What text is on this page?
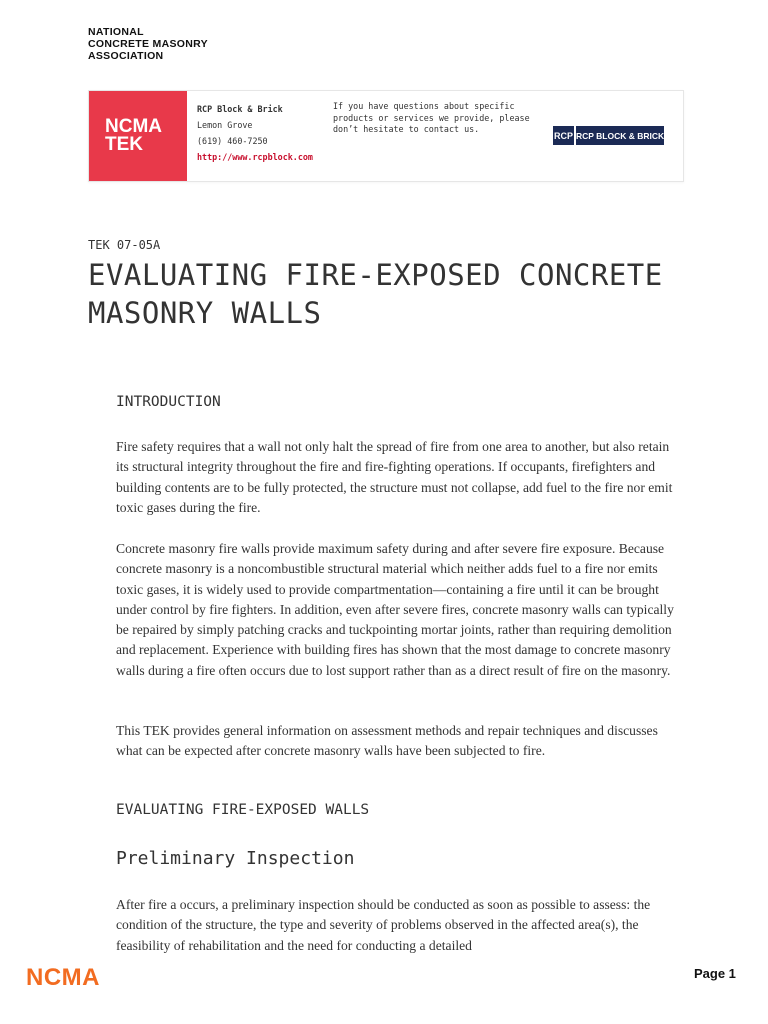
NATIONAL
CONCRETE MASONRY
ASSOCIATION
NCMA
TEK
RCP Block & Brick
Lemon Grove
(619) 460-7250
http://www.rcpblock.com
If you have questions about specific products or services we provide, please don’t hesitate to contact us.
RCP RCP BLOCK & BRICK
TEK 07-05A
EVALUATING FIRE-EXPOSED CONCRETE MASONRY WALLS
INTRODUCTION

Fire safety requires that a wall not only halt the spread of fire from one area to another, but also retain its structural integrity throughout the fire and fire-fighting operations. If occupants, firefighters and building contents are to be fully protected, the structure must not collapse, add fuel to the fire nor emit toxic gases during the fire.

Concrete masonry fire walls provide maximum safety during and after severe fire exposure. Because concrete masonry is a noncombustible structural material which neither adds fuel to a fire nor emits toxic gases, it is widely used to provide compartmentation—containing a fire until it can be brought under control by fire fighters. In addition, even after severe fires, concrete masonry walls can typically be repaired by simply patching cracks and tuckpointing mortar joints, rather than requiring demolition and replacement. Experience with building fires has shown that the most damage to concrete masonry walls during a fire often occurs due to lost support rather than as a direct result of fire on the masonry.

This TEK provides general information on assessment methods and repair techniques and discusses what can be expected after concrete masonry walls have been subjected to fire.

EVALUATING FIRE-EXPOSED WALLS
Preliminary Inspection

After fire a occurs, a preliminary inspection should be conducted as soon as possible to assess: the condition of the structure, the type and severity of problems observed in the affected area(s), the feasibility of rehabilitation and the need for conducting a detailed

NCMA	Page 1
